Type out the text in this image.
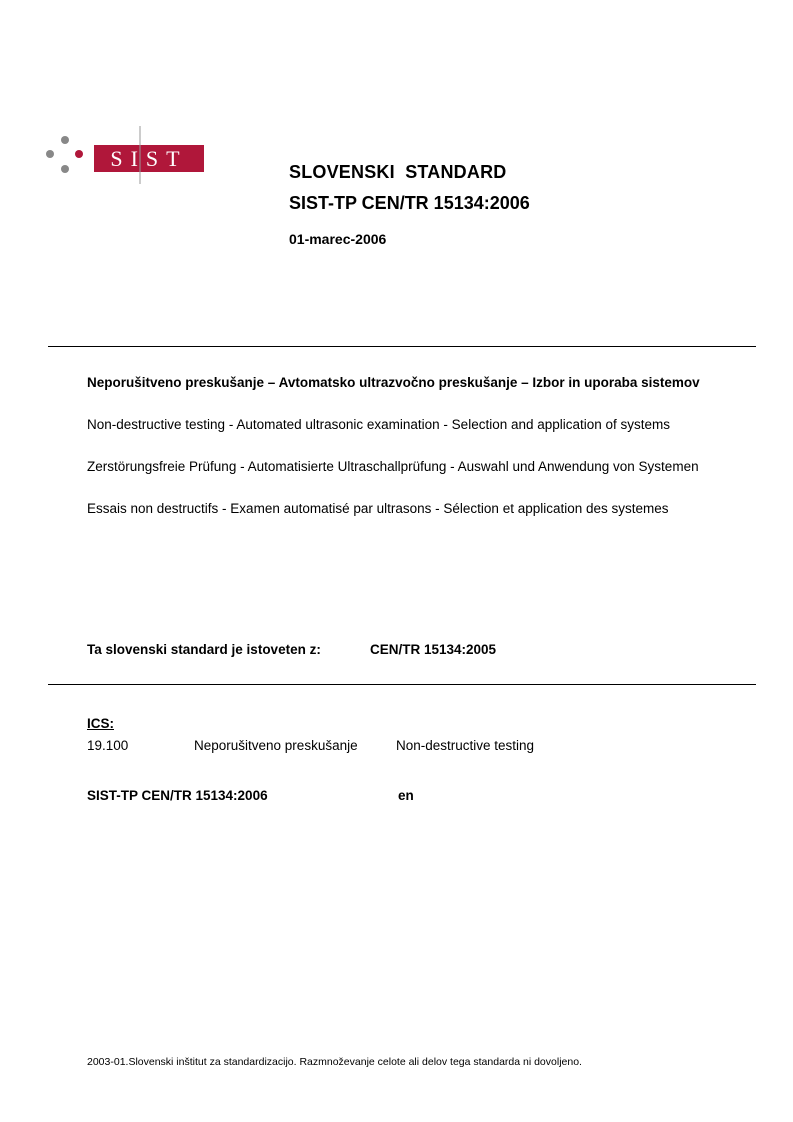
SIST
SLOVENSKI  STANDARD
SIST-TP CEN/TR 15134:2006
01-marec-2006

Neporušitveno preskušanje – Avtomatsko ultrazvočno preskušanje – Izbor in uporaba sistemov

Non-destructive testing - Automated ultrasonic examination - Selection and application of systems

Zerstörungsfreie Prüfung - Automatisierte Ultraschallprüfung - Auswahl und Anwendung von Systemen

Essais non destructifs - Examen automatisé par ultrasons - Sélection et application des systemes

Ta slovenski standard je istoveten z:	CEN/TR 15134:2005
ICS:
19.100	Neporušitveno preskušanje	Non-destructive testing
SIST-TP CEN/TR 15134:2006	en
2003-01.Slovenski inštitut za standardizacijo. Razmnoževanje celote ali delov tega standarda ni dovoljeno.
